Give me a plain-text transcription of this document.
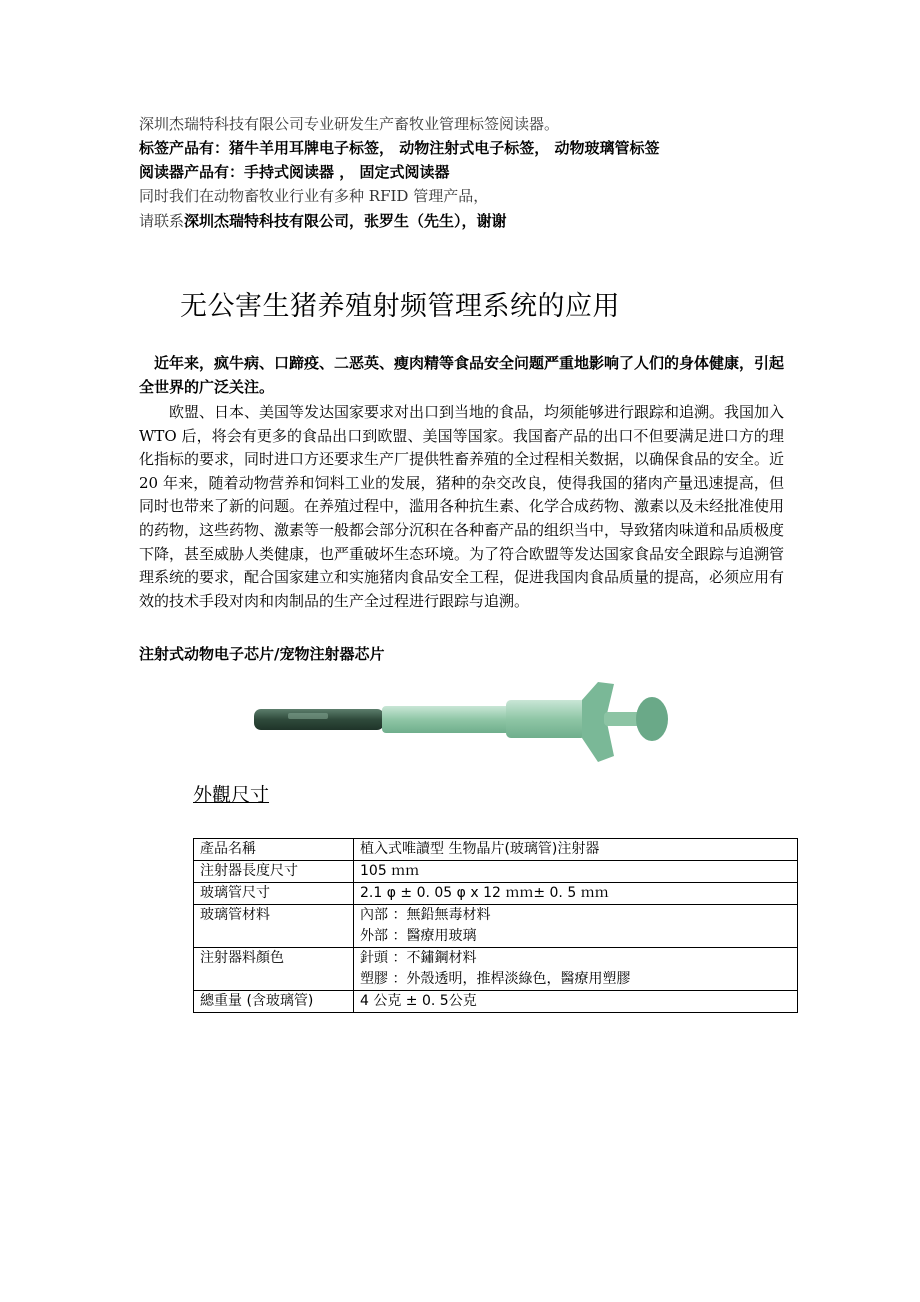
深圳杰瑞特科技有限公司专业研发生产畜牧业管理标签阅读器。
标签产品有：猪牛羊用耳牌电子标签， 动物注射式电子标签， 动物玻璃管标签
阅读器产品有：手持式阅读器 ， 固定式阅读器
同时我们在动物畜牧业行业有多种 RFID 管理产品，
请联系深圳杰瑞特科技有限公司，张罗生（先生），谢谢
无公害生猪养殖射频管理系统的应用
近年来，疯牛病、口蹄疫、二恶英、瘦肉精等食品安全问题严重地影响了人们的身体健康，引起全世界的广泛关注。
欧盟、日本、美国等发达国家要求对出口到当地的食品，均须能够进行跟踪和追溯。我国加入 WTO 后，将会有更多的食品出口到欧盟、美国等国家。我国畜产品的出口不但要满足进口方的理化指标的要求，同时进口方还要求生产厂提供牲畜养殖的全过程相关数据，以确保食品的安全。近 20 年来，随着动物营养和饲料工业的发展，猪种的杂交改良，使得我国的猪肉产量迅速提高，但同时也带来了新的问题。在养殖过程中，滥用各种抗生素、化学合成药物、激素以及未经批准使用的药物，这些药物、激素等一般都会部分沉积在各种畜产品的组织当中，导致猪肉味道和品质极度下降，甚至威胁人类健康，也严重破坏生态环境。为了符合欧盟等发达国家食品安全跟踪与追溯管理系统的要求，配合国家建立和实施猪肉食品安全工程，促进我国肉食品质量的提高，必须应用有效的技术手段对肉和肉制品的生产全过程进行跟踪与追溯。
注射式动物电子芯片/宠物注射器芯片
外觀尺寸
產品名稱	植入式唯讀型 生物晶片(玻璃管)注射器

注射器長度尺寸	105 ｍｍ

玻璃管尺寸	2.1 φ ± 0. 05 φ x 12 ｍｍ± 0. 5 ｍｍ

玻璃管材料	內部 ：無鉛無毒材料
外部 ：醫療用玻璃

注射器料顏色	針頭 ：不鏽鋼材料
塑膠 ：外殼透明，推桿淡綠色，醫療用塑膠

總重量 (含玻璃管)	4 公克 ± 0. 5公克
